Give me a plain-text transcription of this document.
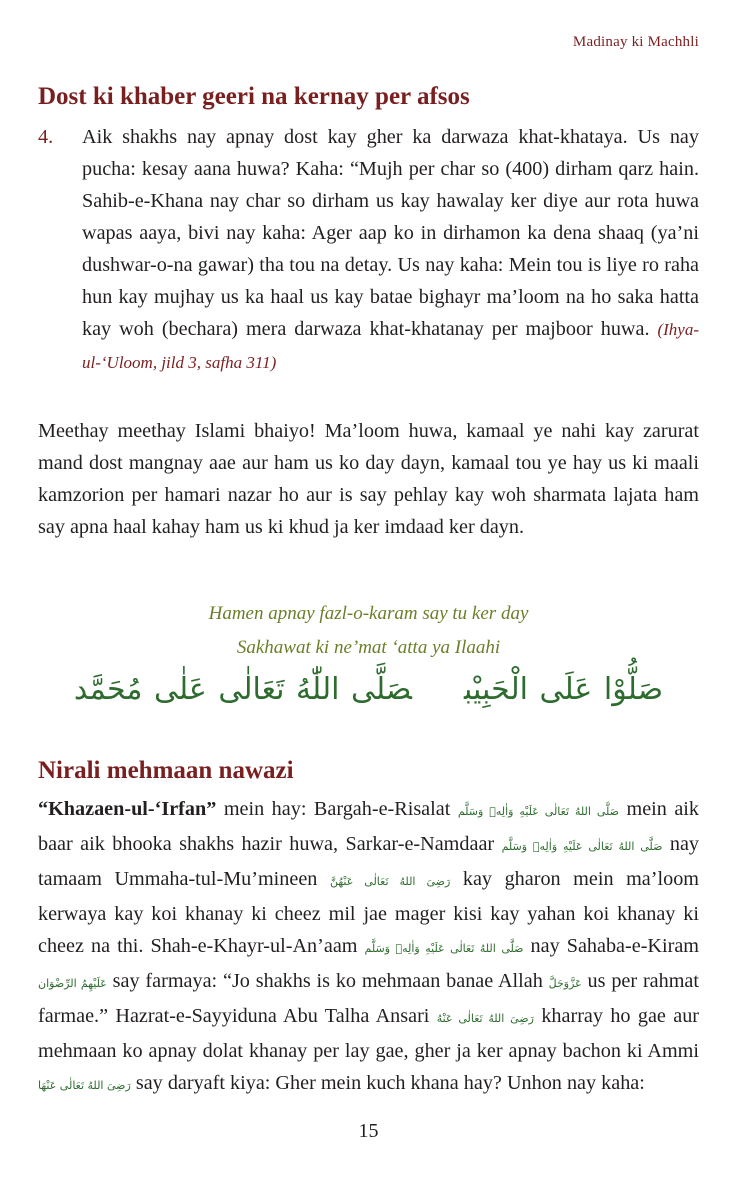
Madinay ki Machhli
Dost ki khaber geeri na kernay per afsos
4. Aik shakhs nay apnay dost kay gher ka darwaza khat-khataya. Us nay pucha: kesay aana huwa? Kaha: “Mujh per char so (400) dirham qarz hain. Sahib-e-Khana nay char so dirham us kay hawalay ker diye aur rota huwa wapas aaya, bivi nay kaha: Ager aap ko in dirhamon ka dena shaaq (ya’ni dushwar-o-na gawar) tha tou na detay. Us nay kaha: Mein tou is liye ro raha hun kay mujhay us ka haal us kay batae bighayr ma’loom na ho saka hatta kay woh (bechara) mera darwaza khat-khatanay per majboor huwa. (Ihya-ul-‘Uloom, jild 3, safha 311)

Meethay meethay Islami bhaiyo! Ma’loom huwa, kamaal ye nahi kay zarurat mand dost mangnay aae aur ham us ko day dayn, kamaal tou ye hay us ki maali kamzorion per hamari nazar ho aur is say pehlay kay woh sharmata lajata ham say apna haal kahay ham us ki khud ja ker imdaad ker dayn.

Hamen apnay fazl-o-karam say tu ker day
Sakhawat ki ne’mat ‘atta ya Ilaahi
صَلُّوْا عَلَى الْحَبِيْبصَلَّى اللّٰهُ تَعَالٰى عَلٰى مُحَمَّد
Nirali mehmaan nawazi

“Khazaen-ul-‘Irfan” mein hay: Bargah-e-Risalat صَلَّى اللهُ تَعَالٰى عَلَيْهِ وَاٰلِهٖ وَسَلَّم mein aik baar aik bhooka shakhs hazir huwa, Sarkar-e-Namdaar صَلَّى اللهُ تَعَالٰى عَلَيْهِ وَاٰلِهٖ وَسَلَّم nay tamaam Ummaha-tul-Mu’mineen رَضِىَ اللهُ تَعَالٰى عَنْهُنَّ kay gharon mein ma’loom kerwaya kay koi khanay ki cheez mil jae mager kisi kay yahan koi khanay ki cheez na thi. Shah-e-Khayr-ul-An’aam صَلَّى اللهُ تَعَالٰى عَلَيْهِ وَاٰلِهٖ وَسَلَّم nay Sahaba-e-Kiram عَلَيْهِمُ الرِّضْوَان say farmaya: “Jo shakhs is ko mehmaan banae Allah عَزَّوَجَلَّ us per rahmat farmae.” Hazrat-e-Sayyiduna Abu Talha Ansari رَضِىَ اللهُ تَعَالٰى عَنْهُ kharray ho gae aur mehmaan ko apnay dolat khanay per lay gae, gher ja ker apnay bachon ki Ammi رَضِىَ اللهُ تَعَالٰى عَنْهَا say daryaft kiya: Gher mein kuch khana hay? Unhon nay kaha:

15
